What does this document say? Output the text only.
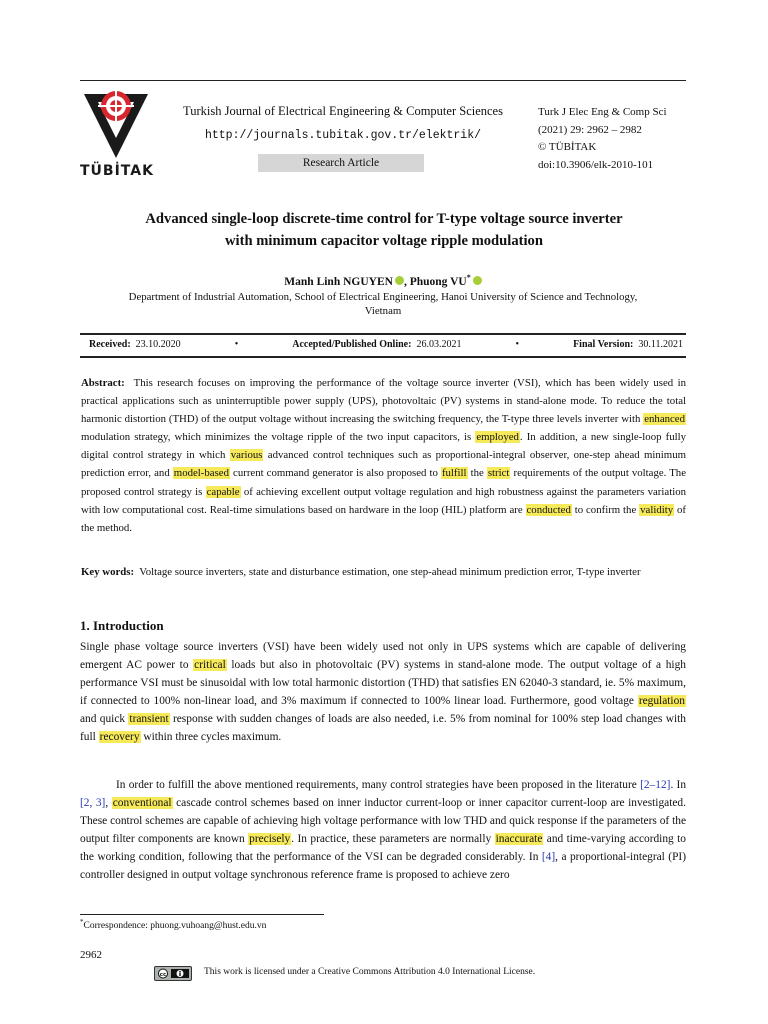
TÜBİTAK
Turkish Journal of Electrical Engineering & Computer Sciences
http://journals.tubitak.gov.tr/elektrik/
Research Article
Turk J Elec Eng & Comp Sci
(2021) 29: 2962 – 2982
© TÜBİTAK
doi:10.3906/elk-2010-101
Advanced single-loop discrete-time control for T-type voltage source inverter
with minimum capacitor voltage ripple modulation
Manh Linh NGUYEN , Phuong VU*
Department of Industrial Automation, School of Electrical Engineering, Hanoi University of Science and Technology,
Vietnam
Received: 23.10.2020	•	Accepted/Published Online: 26.03.2021	•	Final Version: 30.11.2021

Abstract: This research focuses on improving the performance of the voltage source inverter (VSI), which has been widely used in practical applications such as uninterruptible power supply (UPS), photovoltaic (PV) systems in stand-alone mode. To reduce the total harmonic distortion (THD) of the output voltage without increasing the switching frequency, the T-type three levels inverter with enhanced modulation strategy, which minimizes the voltage ripple of the two input capacitors, is employed. In addition, a new single-loop fully digital control strategy in which various advanced control techniques such as proportional-integral observer, one-step ahead minimum prediction error, and model-based current command generator is also proposed to fulfill the strict requirements of the output voltage. The proposed control strategy is capable of achieving excellent output voltage regulation and high robustness against the parameters variation with low computational cost. Real-time simulations based on hardware in the loop (HIL) platform are conducted to confirm the validity of the method.

Key words: Voltage source inverters, state and disturbance estimation, one step-ahead minimum prediction error, T-type inverter
1. Introduction

Single phase voltage source inverters (VSI) have been widely used not only in UPS systems which are capable of delivering emergent AC power to critical loads but also in photovoltaic (PV) systems in stand-alone mode. The output voltage of a high performance VSI must be sinusoidal with low total harmonic distortion (THD) that satisfies EN 62040-3 standard, ie. 5% maximum, if connected to 100% non-linear load, and 3% maximum if connected to 100% linear load. Furthermore, good voltage regulation and quick transient response with sudden changes of loads are also needed, i.e. 5% from nominal for 100% step load changes with full recovery within three cycles maximum.

In order to fulfill the above mentioned requirements, many control strategies have been proposed in the literature [2–12]. In [2, 3], conventional cascade control schemes based on inner inductor current-loop or inner capacitor current-loop are investigated. These control schemes are capable of achieving high voltage performance with low THD and quick response if the parameters of the output filter components are known precisely. In practice, these parameters are normally inaccurate and time-varying according to the working condition, following that the performance of the VSI can be degraded considerably. In [4], a proportional-integral (PI) controller designed in output voltage synchronous reference frame is proposed to achieve zero

*Correspondence: phuong.vuhoang@hust.edu.vn
2962
cc	This work is licensed under a Creative Commons Attribution 4.0 International License.
